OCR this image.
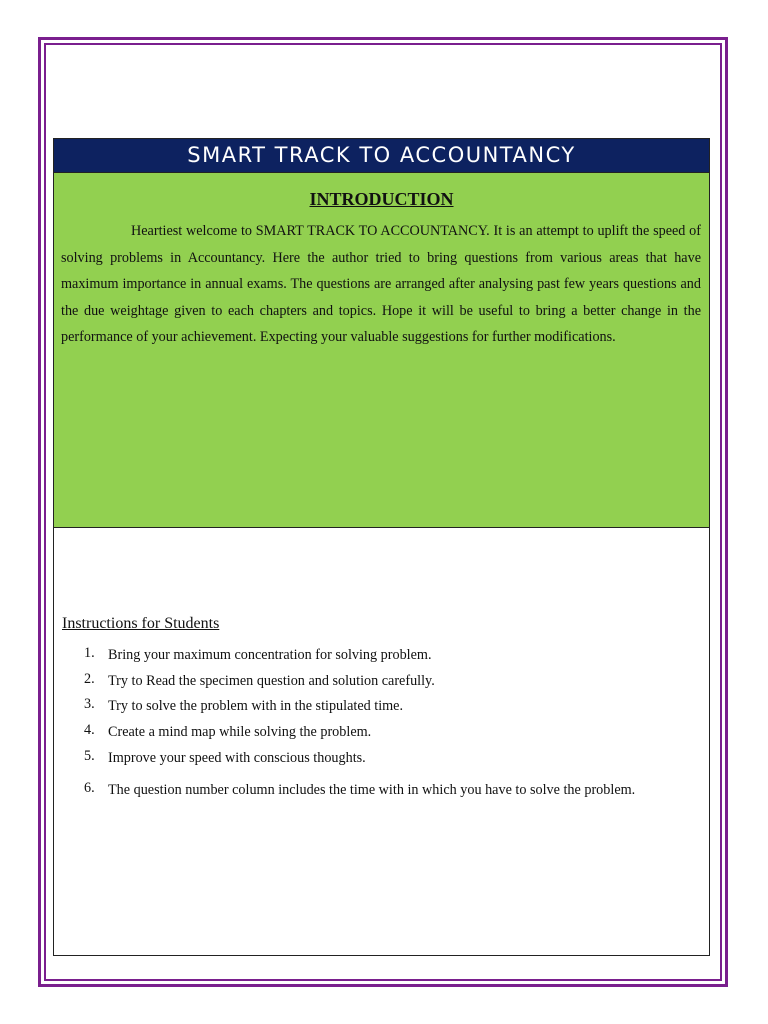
SMART TRACK TO ACCOUNTANCY
INTRODUCTION

Heartiest welcome to SMART TRACK TO ACCOUNTANCY. It is an attempt to uplift the speed of solving problems in Accountancy. Here the author tried to bring questions from various areas that have maximum importance in annual exams. The questions are arranged after analysing past few years questions and the due weightage given to each chapters and topics. Hope it will be useful to bring a better change in the performance of your achievement. Expecting your valuable suggestions for further modifications.

Instructions for Students
1. Bring your maximum concentration for solving problem.
2. Try to Read the specimen question and solution carefully.
3. Try to solve the problem with in the stipulated time.
4. Create a mind map while solving the problem.
5. Improve your speed with conscious thoughts.
6. The question number column includes the time with in which you have to solve the problem.
